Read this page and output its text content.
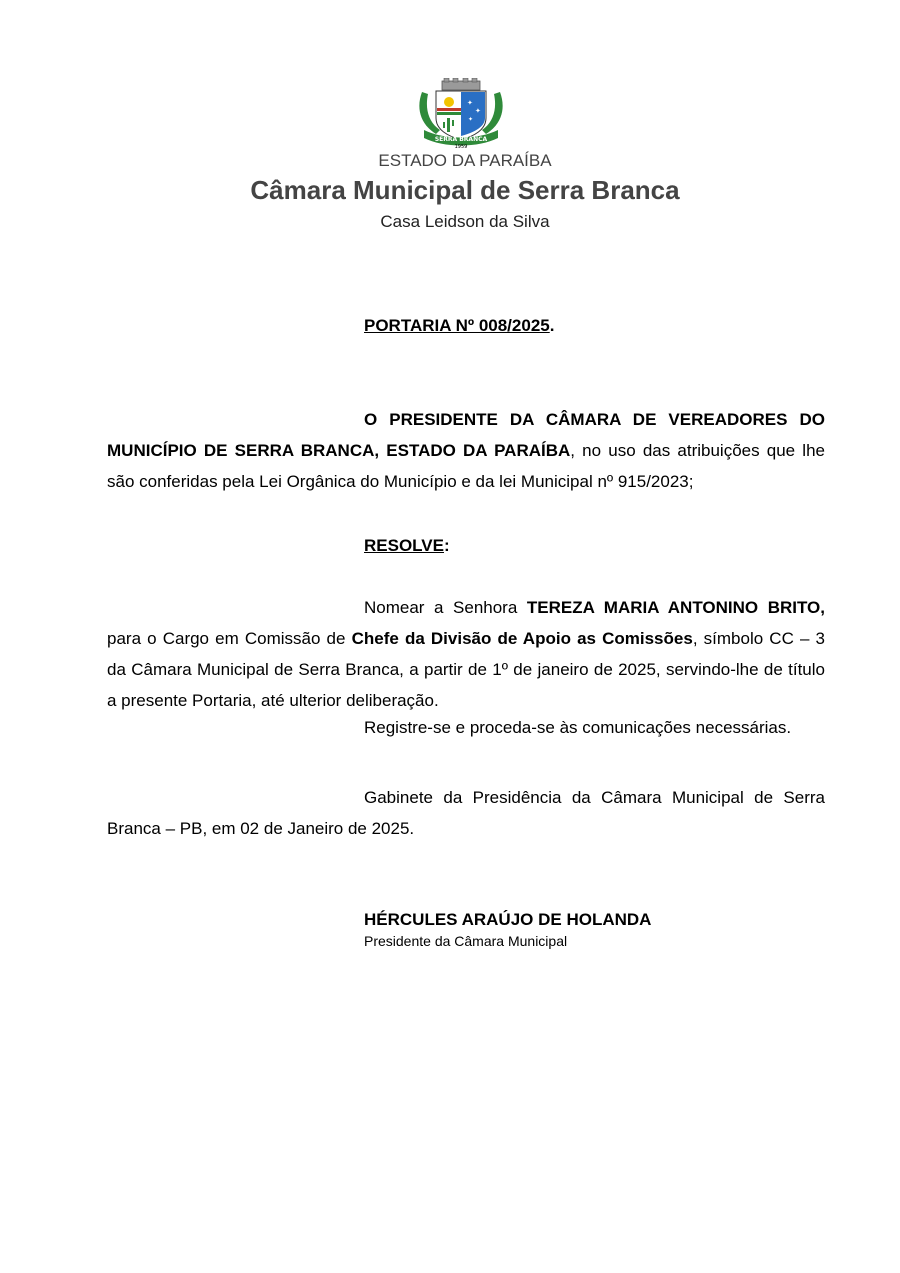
✦
✦
✦
SERRA BRANCA
1959
ESTADO DA PARAÍBA
Câmara Municipal de Serra Branca
Casa Leidson da Silva
PORTARIA Nº 008/2025.
O PRESIDENTE DA CÂMARA DE VEREADORES DO MUNICÍPIO DE SERRA BRANCA, ESTADO DA PARAÍBA, no uso das atribuições que lhe são conferidas pela Lei Orgânica do Município e da lei Municipal nº 915/2023;
RESOLVE:
Nomear a Senhora TEREZA MARIA ANTONINO BRITO, para o Cargo em Comissão de Chefe da Divisão de Apoio as Comissões, símbolo CC – 3 da Câmara Municipal de Serra Branca, a partir de 1º de janeiro de 2025, servindo-lhe de título a presente Portaria, até ulterior deliberação.
Registre-se e proceda-se às comunicações necessárias.
Gabinete da Presidência da Câmara Municipal de Serra Branca – PB, em 02 de Janeiro de 2025.
HÉRCULES ARAÚJO DE HOLANDA
Presidente da Câmara Municipal
